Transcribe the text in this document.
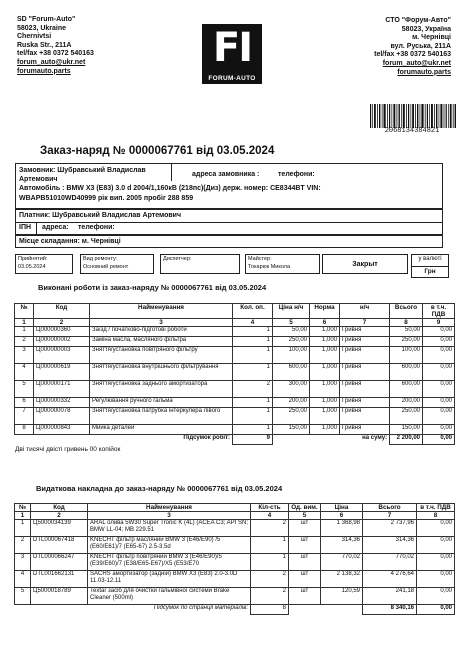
SD "Forum-Auto"
58023, Ukraine
Chernivtsi
Ruska Str., 211A
tel/fax +38 0372 540163
forum_auto@ukr.net
forumauto.parts
FI
FORUM-AUTO
СТО "Форум-Авто"
58023, Україна
м. Чернівці
вул. Руська, 211А
tel/fax +38 0372 540163
forum_auto@ukr.net
forumauto.parts
2068134384821
Заказ-наряд № 0000067761 від 03.05.2024
Замовник: Шубравський Владислав Артемович
адреса замовника :	телефони:
Автомобіль : BMW X3 (E83) 3.0 d 2004/1,160кВ (218пс)(Диз) держ. номер: CE8344BT VIN:
WBAPB51010WD40999 рік вип. 2005 пробіг 288 859
Платник: Шубравський Владислав Артемович
ІПН адреса: телефони:
Місце складання: м. Чернівці
Прийнятий:
03.05.2024
Вид ремонту:
Основний ремонт
Диспетчер:	Майстер:
Токарюк Микола	Закрыт
у валюті
Грн
Виконані роботи із заказ-наряду № 0000067761 від 03.05.2024
№	Код	Найменування	Кол. оп.	Ціна н/ч	Норма	н/ч	Всього	в т.ч. ПДВ
1	2	3	4	5	6	7	8	9
1	Ц000000360	Заїзд / початково-підготові роботи	1	50,00	1,000	Гривня	50,00	0,00
2	Ц000000002	Заміна масла, масляного фільтра	1	250,00	1,000	Гривня	250,00	0,00
3	Ц000000003	Зняття/установка повітряного фільтру	1	100,00	1,000	Гривня	100,00	0,00
4	Ц000000619	Зняття/установка внутрішнього фільтрування	1	600,00	1,000	Гривня	600,00	0,00
5	Ц000000171	Зняття/установка заднього амортизатора	2	300,00	1,000	Гривня	600,00	0,00
6	Ц000000332	Регулювання ручного гальма	1	200,00	1,000	Гривня	200,00	0,00
7	Ц000000078	Зняття/установка патрубка інтеркулера лівого	1	250,00	1,000	Гривня	250,00	0,00
8	Ц000000843	Мийка деталей	1	150,00	1,000	Гривня	150,00	0,00
Підсумок робіт:			9			на суму:	2 200,00	0,00
Дві тисячі двісті гривень 00 копійок
Видаткова накладна до заказ-наряду № 0000067761 від 03.05.2024
№	Код	Найменування	Кіл-сть	Од. вим.	Ціна	Всього	в т.ч. ПДВ
1	2	3	4	5	6	7	8
1	Ц5000034139	ARAL олива 5W30 Super Tronic K (4L) (ACEA C3; API SN; BMW LL-04; MB 229.51	2	шт	1 368,98	2 737,96	0,00
2	DTL000067418	KNECHT фільтр масляний BMW 3 (E46/E90) /5 (E60/E61)/7 (E65-67) 2.5-3.5d	1	шт	314,36	314,36	0,00
3	DTL000066247	KNECHT фільтр повітряний BMW 3 (E46/E90)/5 (E39/E60)/7 (E38/E65-E67)/X5 (E53/E70	1	шт	770,02	770,02	0,00
4	DTL001662131	SACHS амортизатор (задній) BMW X3 (E83) 2.0-3.0D 11.03-12.11	2	шт	2 138,32	4 276,64	0,00
5	Ц5000018789	Textar засіб для очистки гальмівної системи Brake Cleaner (500ml)	2	шт	120,59	241,18	0,00
Підсумок по странції матеріалів:			8			8 340,16	0,00
